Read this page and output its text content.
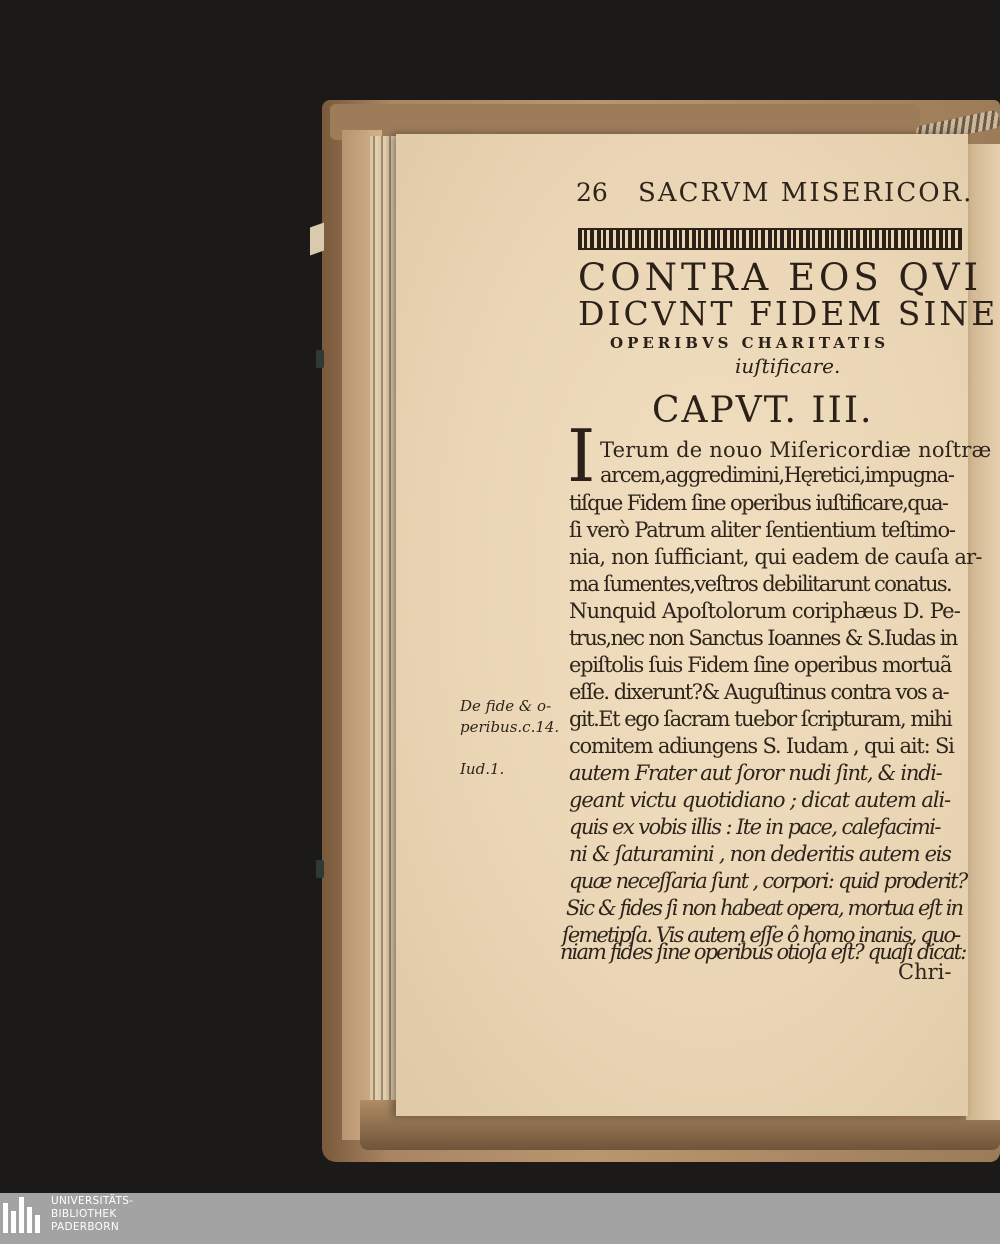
26 SACRVM MISERICOR.
CONTRA EOS QVI
DICVNT FIDEM SINE
OPERIBVS CHARITATIS
iuſtificare.
CAPVT. III.
I Terum de nouo Miſericordiæ noſtræ
arcem,aggredimini,Hęretici,impugna-
tiſque Fidem ſine operibus iuſtificare,qua-
ſi verò Patrum aliter ſentientium teſtimo-
nia, non ſufficiant, qui eadem de cauſa ar-
ma ſumentes,veſtros debilitarunt conatus.
Nunquid Apoſtolorum coriphæus D. Pe-
trus,nec non Sanctus Ioannes & S.Iudas in
epiſtolis ſuis Fidem ſine operibus mortuã
eſſe. dixerunt?& Auguſtinus contra vos a-
git.Et ego ſacram tuebor ſcripturam, mihi
comitem adiungens S. Iudam , qui ait: Si
autem Frater aut ſoror nudi ſint, & indi-
geant victu quotidiano ; dicat autem ali-
quis ex vobis illis : Ite in pace, calefacimi-
ni & ſaturamini , non dederitis autem eis
quæ neceſſaria ſunt , corpori: quid proderit?
Sic & fides ſi non habeat opera, mortua eſt in
ſemetipſa. Vis autem eſſe ô homo inanis, quo-
niam fides ſine operibus otioſa eſt? quaſi dicat:
Chri-
De fide & o-
peribus.c.14.
Iud.1.
UNIVERSITÄTS-
BIBLIOTHEK
PADERBORN
